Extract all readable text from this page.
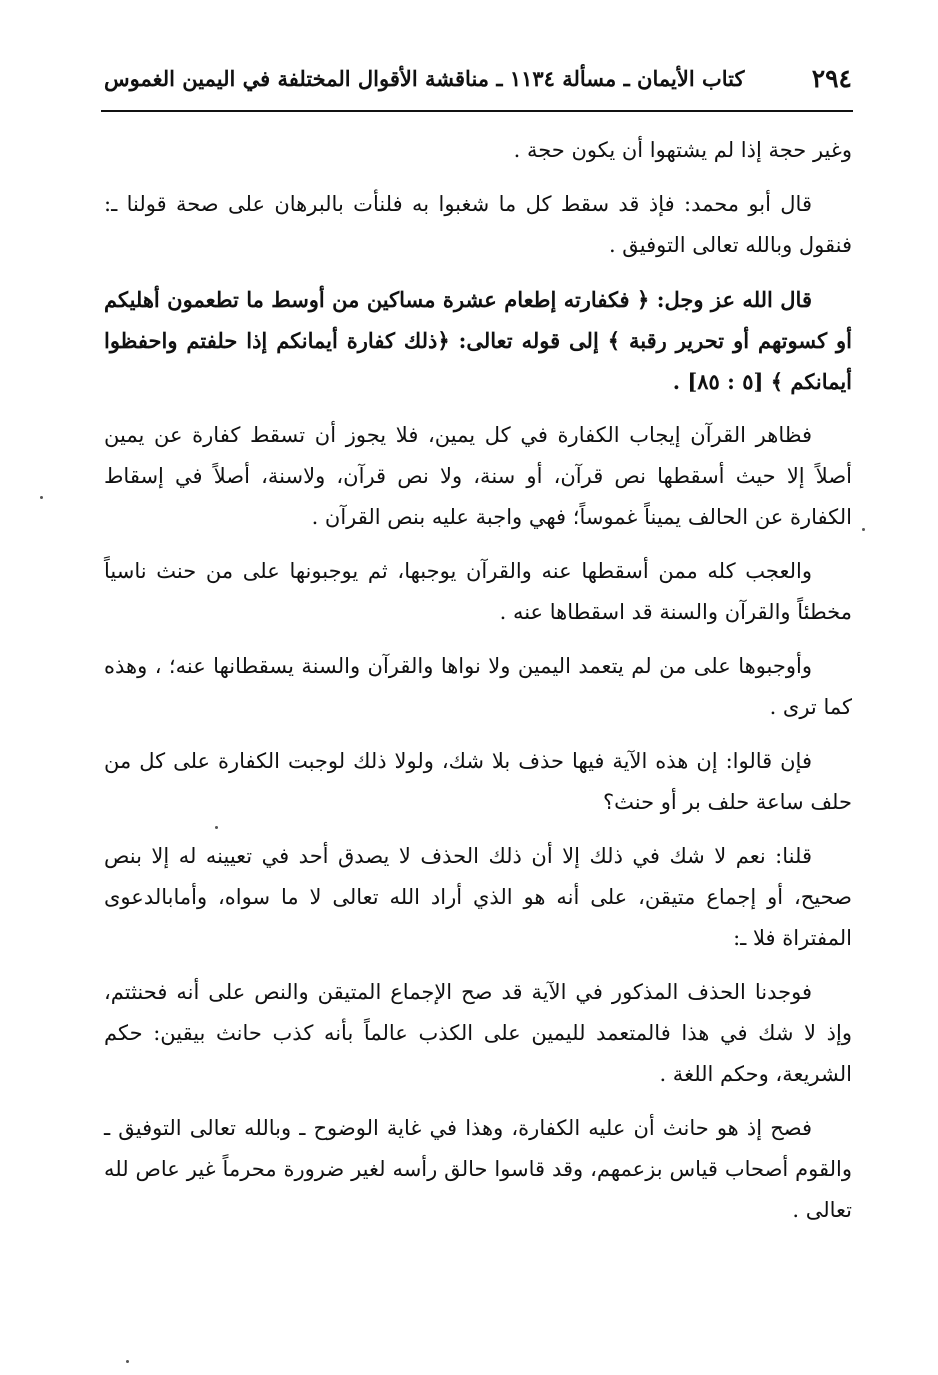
٢٩٤
كتاب الأيمان ـ مسألة ١١٣٤ ـ مناقشة الأقوال المختلفة في اليمين الغموس

وغير حجة إذا لم يشتهوا أن يكون حجة .

قال أبو محمد: فإذ قد سقط كل ما شغبوا به فلنأت بالبرهان على صحة قولنا ـ: فنقول وبالله تعالى التوفيق .

قال الله عز وجل: ﴿ فكفارته إطعام عشرة مساكين من أوسط ما تطعمون أهليكم أو كسوتهم أو تحرير رقبة ﴾ إلى قوله تعالى: ﴿ذلك كفارة أيمانكم إذا حلفتم واحفظوا أيمانكم ﴾ [٥ : ٨٥] .

فظاهر القرآن إيجاب الكفارة في كل يمين، فلا يجوز أن تسقط كفارة عن يمين أصلاً إلا حيث أسقطها نص قرآن، أو سنة، ولا نص قرآن، ولاسنة، أصلاً في إسقاط الكفارة عن الحالف يميناً غموساً؛ فهي واجبة عليه بنص القرآن .

والعجب كله ممن أسقطها عنه والقرآن يوجبها، ثم يوجبونها على من حنث ناسياً مخطئاً والقرآن والسنة قد اسقطاها عنه .

وأوجبوها على من لم يتعمد اليمين ولا نواها والقرآن والسنة يسقطانها عنه؛ ، وهذه كما ترى .

فإن قالوا: إن هذه الآية فيها حذف بلا شك، ولولا ذلك لوجبت الكفارة على كل من حلف ساعة حلف بر أو حنث؟

قلنا: نعم لا شك في ذلك إلا أن ذلك الحذف لا يصدق أحد في تعيينه له إلا بنص صحيح، أو إجماع متيقن، على أنه هو الذي أراد الله تعالى لا ما سواه، وأمابالدعوى المفتراة فلا ـ:

فوجدنا الحذف المذكور في الآية قد صح الإجماع المتيقن والنص على أنه فحنثتم، وإذ لا شك في هذا فالمتعمد لليمين على الكذب عالماً بأنه كذب حانث بيقين: حكم الشريعة، وحكم اللغة .

فصح إذ هو حانث أن عليه الكفارة، وهذا في غاية الوضوح ـ وبالله تعالى التوفيق ـ والقوم أصحاب قياس بزعمهم، وقد قاسوا حالق رأسه لغير ضرورة محرماً غير عاص لله تعالى .
